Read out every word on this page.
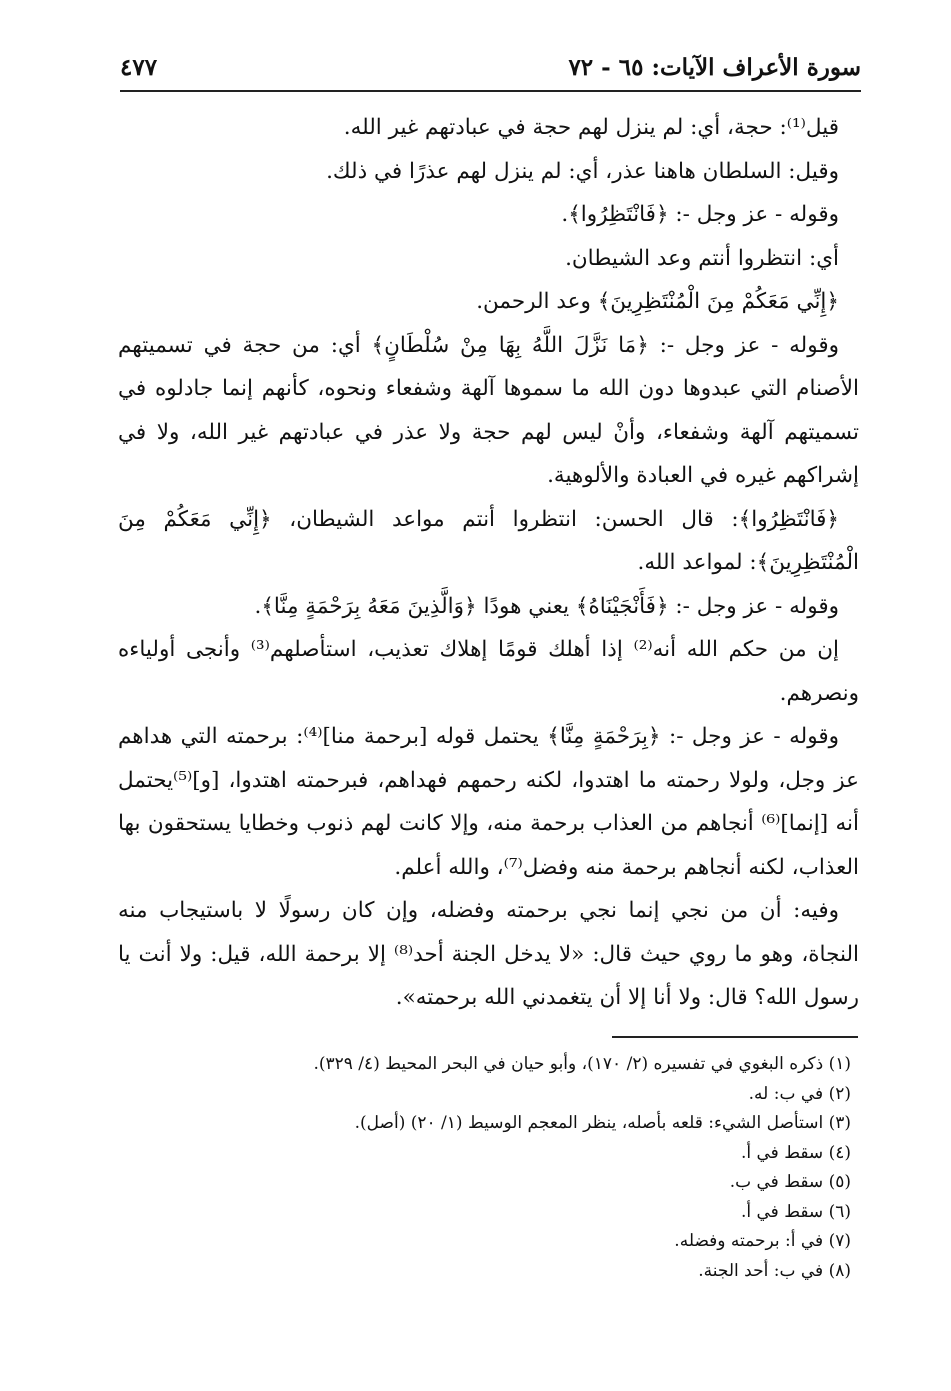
سورة الأعراف الآيات: ٦٥ - ٧٢
٤٧٧

قيل⁽¹⁾: حجة، أي: لم ينزل لهم حجة في عبادتهم غير الله.

وقيل: السلطان هاهنا عذر، أي: لم ينزل لهم عذرًا في ذلك.

وقوله - عز وجل -: ﴿فَانْتَظِرُوا﴾.

أي: انتظروا أنتم وعد الشيطان.

﴿إِنِّي مَعَكُمْ مِنَ الْمُنْتَظِرِينَ﴾ وعد الرحمن.

وقوله - عز وجل -: ﴿مَا نَزَّلَ اللَّهُ بِهَا مِنْ سُلْطَانٍ﴾ أي: من حجة في تسميتهم الأصنام التي عبدوها دون الله ما سموها آلهة وشفعاء ونحوه، كأنهم إنما جادلوه في تسميتهم آلهة وشفعاء، وأنْ ليس لهم حجة ولا عذر في عبادتهم غير الله، ولا في إشراكهم غيره في العبادة والألوهية.

﴿فَانْتَظِرُوا﴾: قال الحسن: انتظروا أنتم مواعد الشيطان، ﴿إِنِّي مَعَكُمْ مِنَ الْمُنْتَظِرِينَ﴾: لمواعد الله.

وقوله - عز وجل -: ﴿فَأَنْجَيْنَاهُ﴾ يعني هودًا ﴿وَالَّذِينَ مَعَهُ بِرَحْمَةٍ مِنَّا﴾.

إن من حكم الله أنه⁽²⁾ إذا أهلك قومًا إهلاك تعذيب، استأصلهم⁽³⁾ وأنجى أولياءه ونصرهم.

وقوله - عز وجل -: ﴿بِرَحْمَةٍ مِنَّا﴾ يحتمل قوله [برحمة منا]⁽⁴⁾: برحمته التي هداهم عز وجل، ولولا رحمته ما اهتدوا، لكنه رحمهم فهداهم، فبرحمته اهتدوا، [و]⁽⁵⁾يحتمل أنه [إنما]⁽⁶⁾ أنجاهم من العذاب برحمة منه، وإلا كانت لهم ذنوب وخطايا يستحقون بها العذاب، لكنه أنجاهم برحمة منه وفضل⁽⁷⁾، والله أعلم.

وفيه: أن من نجي إنما نجي برحمته وفضله، وإن كان رسولًا لا باستيجاب منه النجاة، وهو ما روي حيث قال: «لا يدخل الجنة أحد⁽⁸⁾ إلا برحمة الله، قيل: ولا أنت يا رسول الله؟ قال: ولا أنا إلا أن يتغمدني الله برحمته».

(١) ذكره البغوي في تفسيره (٢/ ١٧٠)، وأبو حيان في البحر المحيط (٤/ ٣٢٩).
(٢) في ب: له.
(٣) استأصل الشيء: قلعه بأصله، ينظر المعجم الوسيط (١/ ٢٠) (أصل).
(٤) سقط في أ.
(٥) سقط في ب.
(٦) سقط في أ.
(٧) في أ: برحمته وفضله.
(٨) في ب: أحد الجنة.
